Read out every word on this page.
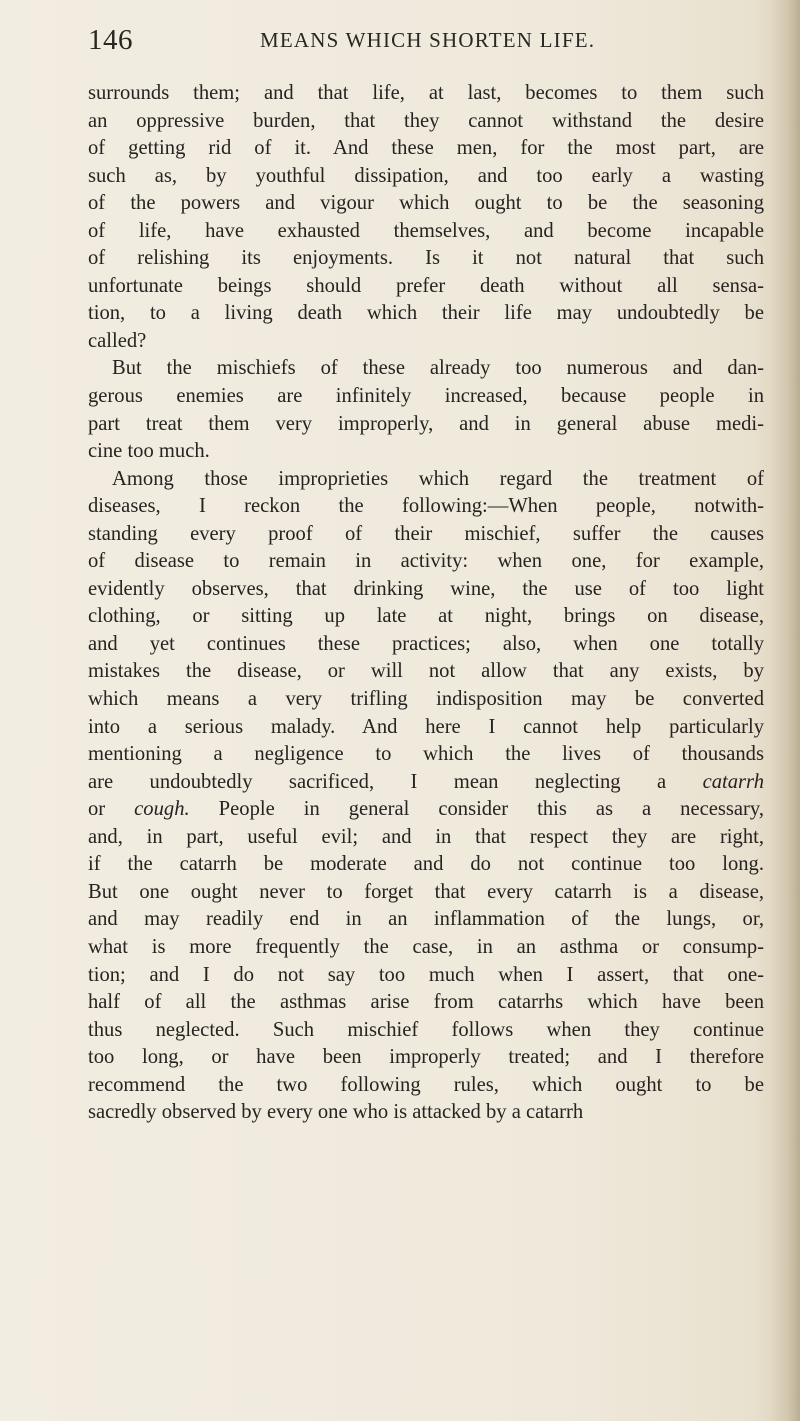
146	MEANS WHICH SHORTEN LIFE.
surrounds them; and that life, at last, becomes to them such
an oppressive burden, that they cannot withstand the desire
of getting rid of it. And these men, for the most part, are
such as, by youthful dissipation, and too early a wasting
of the powers and vigour which ought to be the seasoning
of life, have exhausted themselves, and become incapable
of relishing its enjoyments. Is it not natural that such
unfortunate beings should prefer death without all sensa-
tion, to a living death which their life may undoubtedly be
called?
But the mischiefs of these already too numerous and dan-
gerous enemies are infinitely increased, because people in
part treat them very improperly, and in general abuse medi-
cine too much.
Among those improprieties which regard the treatment of
diseases, I reckon the following:—When people, notwith-
standing every proof of their mischief, suffer the causes
of disease to remain in activity: when one, for example,
evidently observes, that drinking wine, the use of too light
clothing, or sitting up late at night, brings on disease,
and yet continues these practices; also, when one totally
mistakes the disease, or will not allow that any exists, by
which means a very trifling indisposition may be converted
into a serious malady. And here I cannot help particularly
mentioning a negligence to which the lives of thousands
are undoubtedly sacrificed, I mean neglecting a catarrh
or cough. People in general consider this as a necessary,
and, in part, useful evil; and in that respect they are right,
if the catarrh be moderate and do not continue too long.
But one ought never to forget that every catarrh is a disease,
and may readily end in an inflammation of the lungs, or,
what is more frequently the case, in an asthma or consump-
tion; and I do not say too much when I assert, that one-
half of all the asthmas arise from catarrhs which have been
thus neglected. Such mischief follows when they continue
too long, or have been improperly treated; and I therefore
recommend the two following rules, which ought to be
sacredly observed by every one who is attacked by a catarrh
